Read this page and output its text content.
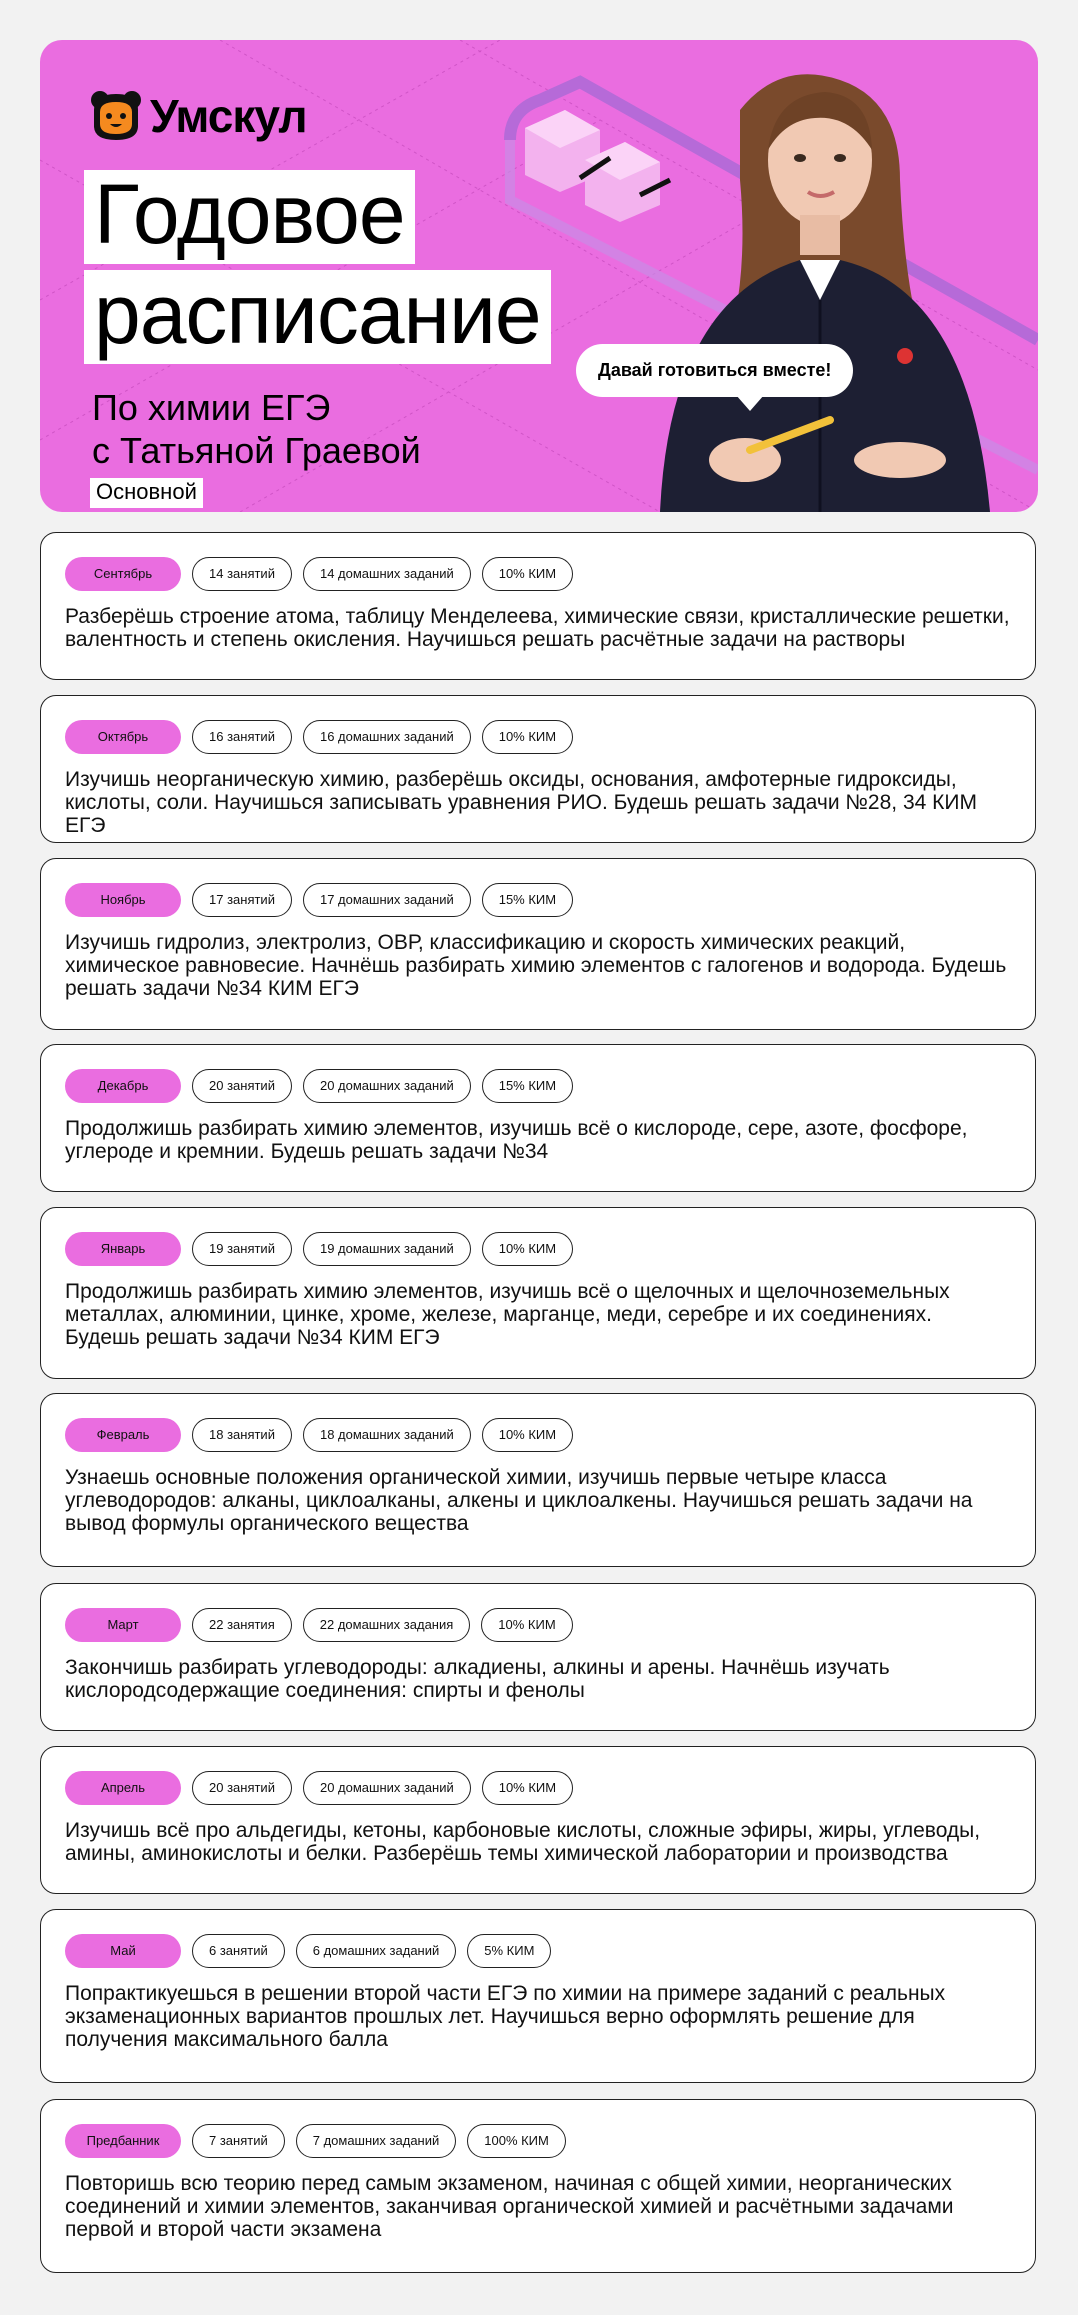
Умскул
Годовое
расписание
По химии ЕГЭ
с Татьяной Граевой
Основной
Давай готовиться вместе!
Сентябрь	14 занятий	14 домашних заданий	10% КИМ
Разберёшь строение атома, таблицу Менделеева, химические связи, кристаллические решетки, валентность и степень окисления. Научишься решать расчётные задачи на растворы
Октябрь	16 занятий	16 домашних заданий	10% КИМ
Изучишь неорганическую химию, разберёшь оксиды, основания, амфотерные гидроксиды, кислоты, соли. Научишься записывать уравнения РИО. Будешь решать задачи №28, 34 КИМ ЕГЭ
Ноябрь	17 занятий	17 домашних заданий	15% КИМ
Изучишь гидролиз, электролиз, ОВР, классификацию и скорость химических реакций, химическое равновесие. Начнёшь разбирать химию элементов с галогенов и водорода. Будешь решать задачи №34 КИМ ЕГЭ
Декабрь	20 занятий	20 домашних заданий	15% КИМ
Продолжишь разбирать химию элементов, изучишь всё о кислороде, сере, азоте, фосфоре, углероде и кремнии. Будешь решать задачи №34
Январь	19 занятий	19 домашних заданий	10% КИМ
Продолжишь разбирать химию элементов, изучишь всё о щелочных и щелочноземельных металлах, алюминии, цинке, хроме, железе, марганце, меди, серебре и их соединениях. Будешь решать задачи №34 КИМ ЕГЭ
Февраль	18 занятий	18 домашних заданий	10% КИМ
Узнаешь основные положения органической химии, изучишь первые четыре класса углеводородов: алканы, циклоалканы, алкены и циклоалкены. Научишься решать задачи на вывод формулы органического вещества
Март	22 занятия	22 домашних задания	10% КИМ
Закончишь разбирать углеводороды: алкадиены, алкины и арены. Начнёшь изучать кислородсодержащие соединения: спирты и фенолы
Апрель	20 занятий	20 домашних заданий	10% КИМ
Изучишь всё про альдегиды, кетоны, карбоновые кислоты, сложные эфиры, жиры, углеводы, амины, аминокислоты и белки. Разберёшь темы химической лаборатории и производства
Май	6 занятий	6 домашних заданий	5% КИМ
Попрактикуешься в решении второй части ЕГЭ по химии на примере заданий с реальных экзаменационных вариантов прошлых лет. Научишься верно оформлять решение для получения максимального балла
Предбанник	7 занятий	7 домашних заданий	100% КИМ
Повторишь всю теорию перед самым экзаменом, начиная с общей химии, неорганических соединений и химии элементов, заканчивая органической химией и расчётными задачами первой и второй части экзамена
